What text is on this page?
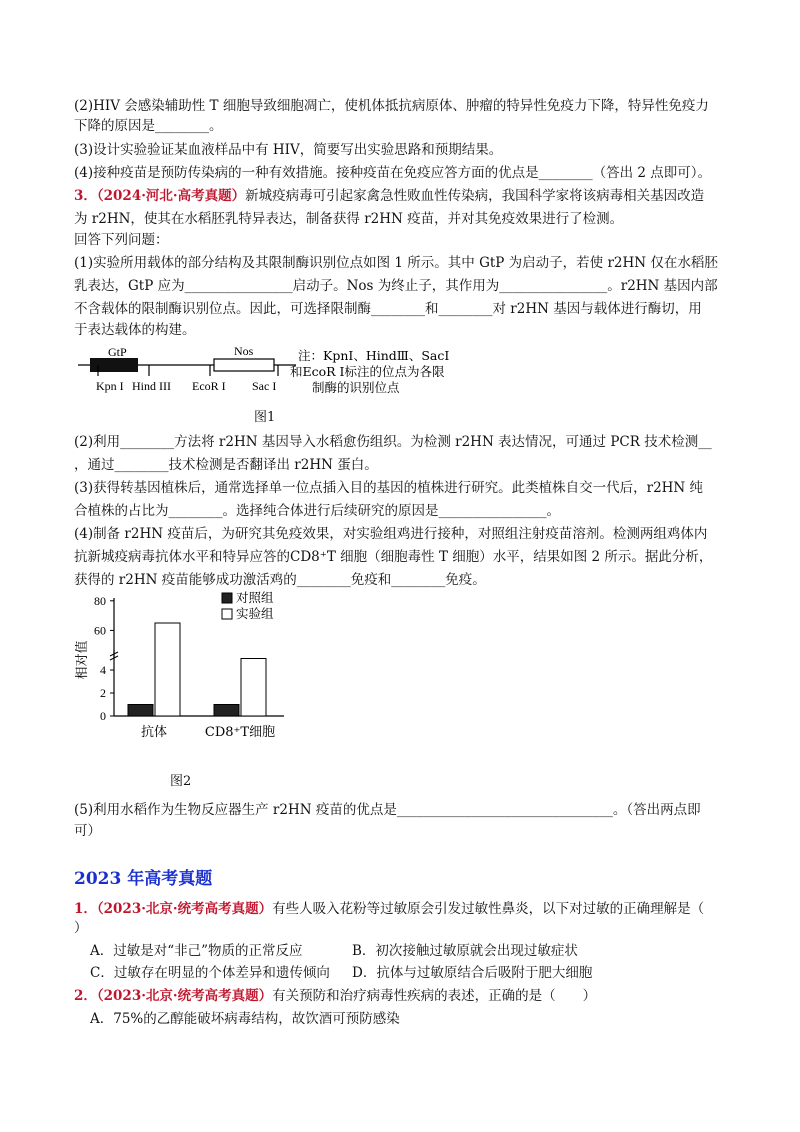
(2)HIV 会感染辅助性 T 细胞导致细胞凋亡，使机体抵抗病原体、肿瘤的特异性免疫力下降，特异性免疫力
下降的原因是________。
(3)设计实验验证某血液样品中有 HIV，简要写出实验思路和预期结果。
(4)接种疫苗是预防传染病的一种有效措施。接种疫苗在免疫应答方面的优点是________（答出 2 点即可）。
3．（2024·河北·高考真题）新城疫病毒可引起家禽急性败血性传染病，我国科学家将该病毒相关基因改造
为 r2HN，使其在水稻胚乳特异表达，制备获得 r2HN 疫苗，并对其免疫效果进行了检测。
回答下列问题：
(1)实验所用载体的部分结构及其限制酶识别位点如图 1 所示。其中 GtP 为启动子，若使 r2HN 仅在水稻胚
乳表达，GtP 应为________________启动子。Nos 为终止子，其作用为________________。r2HN 基因内部
不含载体的限制酶识别位点。因此，可选择限制酶________和________对 r2HN 基因与载体进行酶切，用
于表达载体的构建。
GtP	Nos
Kpn I Hind III EcoR I Sac I
注：KpnⅠ、HindⅢ、SacⅠ
和EcoR Ⅰ标注的位点为各限
制酶的识别位点
图1
(2)利用________方法将 r2HN 基因导入水稻愈伤组织。为检测 r2HN 表达情况，可通过 PCR 技术检测__
，通过________技术检测是否翻译出 r2HN 蛋白。
(3)获得转基因植株后，通常选择单一位点插入目的基因的植株进行研究。此类植株自交一代后，r2HN 纯
合植株的占比为________。选择纯合体进行后续研究的原因是________________。
(4)制备 r2HN 疫苗后，为研究其免疫效果，对实验组鸡进行接种，对照组注射疫苗溶剂。检测两组鸡体内
抗新城疫病毒抗体水平和特异应答的CD8⁺T 细胞（细胞毒性 T 细胞）水平，结果如图 2 所示。据此分析，
获得的 r2HN 疫苗能够成功激活鸡的________免疫和________免疫。
0
2
4
60
80
相对值
抗体	CD8⁺T细胞
对照组
实验组
图2
(5)利用水稻作为生物反应器生产 r2HN 疫苗的优点是________________________________。（答出两点即
可）
2023 年高考真题
1．（2023·北京·统考高考真题）有些人吸入花粉等过敏原会引发过敏性鼻炎，以下对过敏的正确理解是（
）
A．过敏是对“非己”物质的正常反应	B．初次接触过敏原就会出现过敏症状
C．过敏存在明显的个体差异和遗传倾向 D．抗体与过敏原结合后吸附于肥大细胞
2．（2023·北京·统考高考真题）有关预防和治疗病毒性疾病的表述，正确的是（　　）
A．75%的乙醇能破坏病毒结构，故饮酒可预防感染
